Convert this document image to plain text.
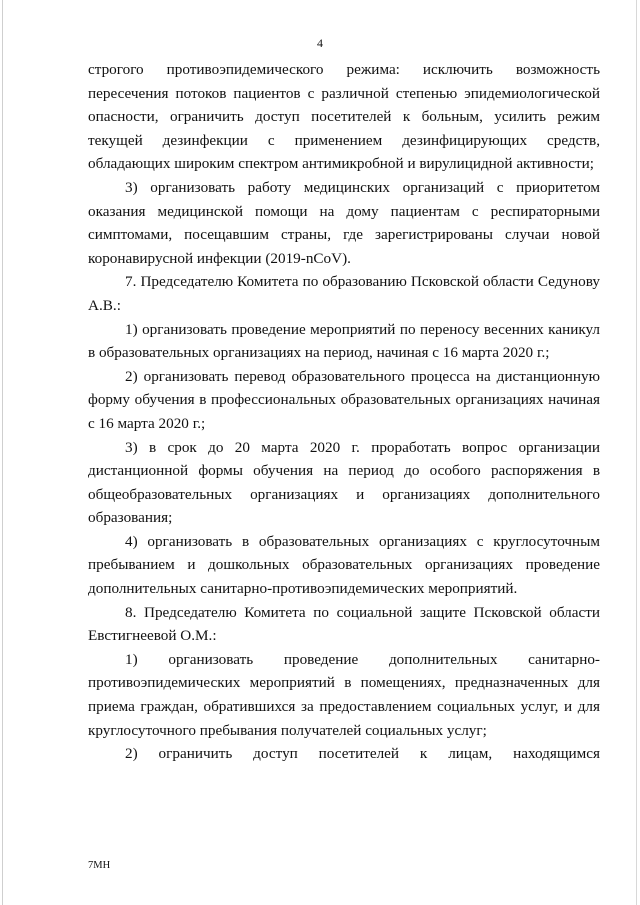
4

строгого противоэпидемического режима: исключить возможность пересечения потоков пациентов с различной степенью эпидемиологической опасности, ограничить доступ посетителей к больным, усилить режим текущей дезинфекции с применением дезинфицирующих средств, обладающих широким спектром антимикробной и вирулицидной активности;

3) организовать работу медицинских организаций с приоритетом оказания медицинской помощи на дому пациентам с респираторными симптомами, посещавшим страны, где зарегистрированы случаи новой коронавирусной инфекции (2019-nCoV).

7. Председателю Комитета по образованию Псковской области Седунову А.В.:

1) организовать проведение мероприятий по переносу весенних каникул в образовательных организациях на период, начиная с 16 марта 2020 г.;

2) организовать перевод образовательного процесса на дистанционную форму обучения в профессиональных образовательных организациях начиная с 16 марта 2020 г.;

3) в срок до 20 марта 2020 г. проработать вопрос организации дистанционной формы обучения на период до особого распоряжения в общеобразовательных организациях и организациях дополнительного образования;

4) организовать в образовательных организациях с круглосуточным пребыванием и дошкольных образовательных организациях проведение дополнительных санитарно-противоэпидемических мероприятий.

8. Председателю Комитета по социальной защите Псковской области Евстигнеевой О.М.:

1) организовать проведение дополнительных санитарно-противоэпидемических мероприятий в помещениях, предназначенных для приема граждан, обратившихся за предоставлением социальных услуг, и для круглосуточного пребывания получателей социальных услуг;

2) ограничить доступ посетителей к лицам, находящимся

7МН
